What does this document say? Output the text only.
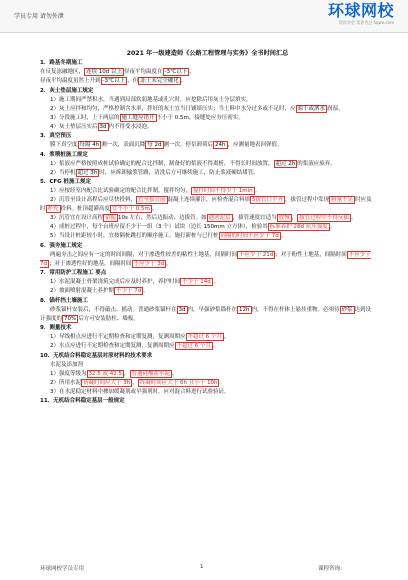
学员专用 请勿外泄	环球网校
帮你学会 帮你考过 hqwx.com
2021 年一级建造师《公路工程管理与实务》全书时间汇总
1．路基冬期施工
在反复冻融地区， 连续 10d 以上 昼夜平均温度在 -3℃以下 ，
昼夜平均温度虽然上升到 -3℃以上 ，但 冻土未完全融化 。
2．灰土垫层施工规定
1）施工期间严禁积水，当遇到局部软弱地基或孔穴时，应挖除后用灰土分层填实。
2）灰土应拌和均匀，严格控制含水率，拌好的灰土宜当日铺填压实；当土料中水分过多或不足时，应 晾干或洒水 润湿。
3）分段施工时，上下两层的 施工缝应错开 不小于 0.5m，接缝处应夯压密实。
4）灰土垫层压实后 3d 内不得受水浸泡。
3．真空预压
膜下真空度 每隔 4h 测一次，表面沉降 每 2d 测一次。停泵卸荷后 24h ，应测量地表回弹值。
4．浆喷桩施工规定
1）浆液应严格按照成桩试验确定的配合比拌制，制备好的浆液不得离析，不得长时间放置， 超过 2h 的浆液应废弃。
2）当停机 超过 3h 时，应拆卸输浆管路，清洗后方可继续施工，防止浆液硬结堵管。
5．CFG 桩施工规定
1）应按经室内配合比试验确定的配合比拌制，搅拌均匀， 搅拌时间不得少于 1min 。
2）沉管至设计高程后应尽快投料， 直至拔管前 混凝土连续灌注，应检查混合料填 5拔管口平齐 ，拔管过程中发现 料量不足 时应及时 补充 投料。桩顶超灌高度 宜不小于 0.5m 。
3）沉管宜在设计高程 留振 10s 左右，然后边振动、边拔管。如 遇淤泥层 ，拔管速度宜适当 放慢 ， 拔管过程中不得反插 。
4）成桩过程中，每个台班应留不少于一组（3 个）试块（边长 150mm 立方体），检验其 标准养护 28d 抗压强度 。
5）当设计桩距较小时，宜按隔桩跳打的顺序施工。施打新桩与已打桩 间隔的时间不应少于 7d 。
6．强夯施工规定
两遍夯击之间应有一定的时间间隔，对于渗透性较差的粘性土地基，间隔时间 不应少于 21d ；对于粉性土地基，间隔时间 不应少于 7d ；对于渗透性好的地基，间隔时间 不应少于 3d 。
7．常用防护工程施工 要点
1）水泥混凝土骨架浇筑完成后应及时养护，养护时间 不少于 14d 。
2）坡面喷射混凝土养护期 不少于 7d 。
8．锚杆挡土墙施工
砂浆锚杆安装后，不得敲击、摇动。普通砂浆锚杆在 3d 内，早强砂浆锚杆在 12h 内，不得在杆体上悬挂重物。必须待 砂浆 达到设计强度的 70% 后方可安装肋柱、墙板。
9．测量技术
1）导线相点应进行不定期检查和定期复测，复测周期应 不超过 6 个月 。
2）水点应进行不定期检查和定期复测，复测周期应 不超过 6 个月 。
10．无机结合料稳定基层对原材料的技术要求
水泥及添加剂
1）强度等级为 32.5 或 42.5 ， 普通硅酸盐水泥 ，
2）所用水泥 初凝时间应大于 3h ， 终凝时间应大于 6h 且小于 10h 。
3）在水泥稳定材料中掺加缓凝剂或早强剂时，应对混合料进行试验验证。
11．无机结合料稳定基层一般规定
环球网校学员专用	1	课程咨询：
